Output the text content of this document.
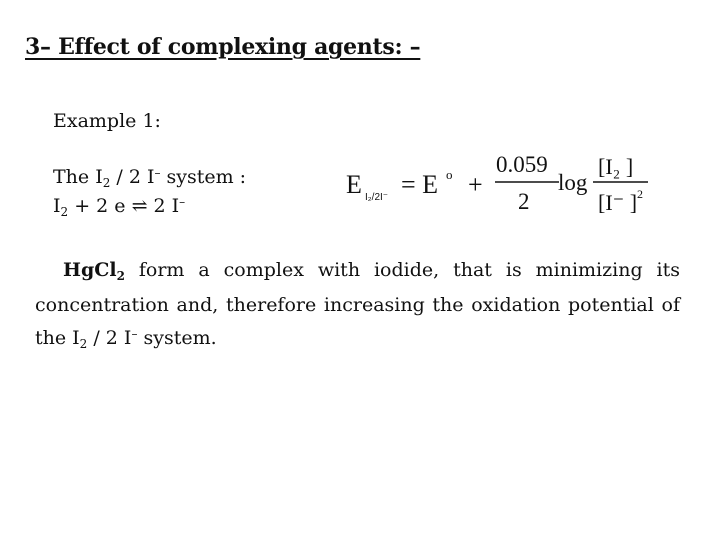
3– Effect of complexing agents: –
Example 1:
The $I_2 / 2$ I– system :
$I_2 + 2$ e ⇌ 2 I–
E I₂/2I⁻ = E o +
0.059
2
log
[I₂ ]
[I⁻ ] 2
HgCl$_2$ form a complex with iodide, that is minimizing its concentration and, therefore increasing the oxidation potential of the $I_2 / 2$ I– system.
